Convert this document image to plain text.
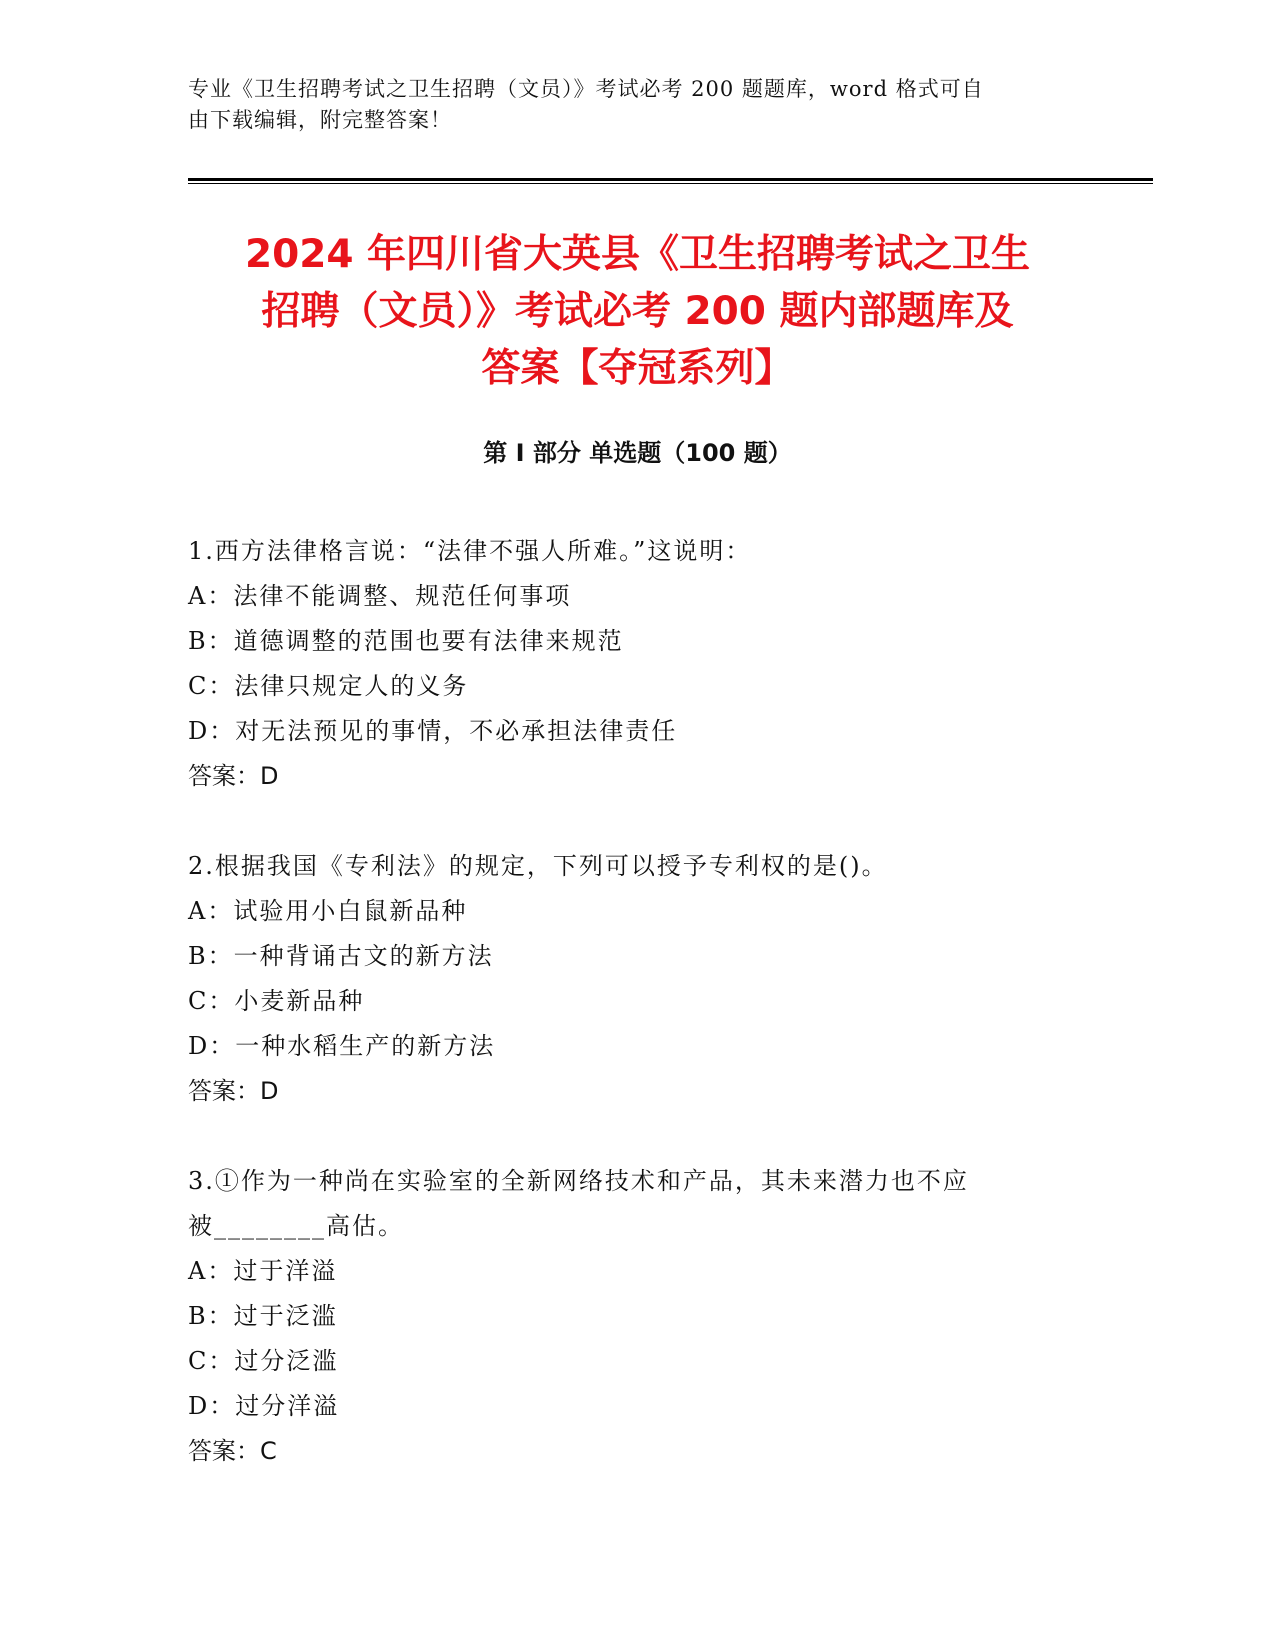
专业《卫生招聘考试之卫生招聘（文员）》考试必考 200 题题库，word 格式可自
由下载编辑，附完整答案！
2024 年四川省大英县《卫生招聘考试之卫生
招聘（文员）》考试必考 200 题内部题库及
答案【夺冠系列】
第 I 部分 单选题（100 题）
1.西方法律格言说：“法律不强人所难。”这说明：
A：法律不能调整、规范任何事项
B：道德调整的范围也要有法律来规范
C：法律只规定人的义务
D：对无法预见的事情，不必承担法律责任
答案：D
2.根据我国《专利法》的规定，下列可以授予专利权的是()。
A：试验用小白鼠新品种
B：一种背诵古文的新方法
C：小麦新品种
D：一种水稻生产的新方法
答案：D
3.①作为一种尚在实验室的全新网络技术和产品，其未来潜力也不应
被________高估。
A：过于洋溢
B：过于泛滥
C：过分泛滥
D：过分洋溢
答案：C
